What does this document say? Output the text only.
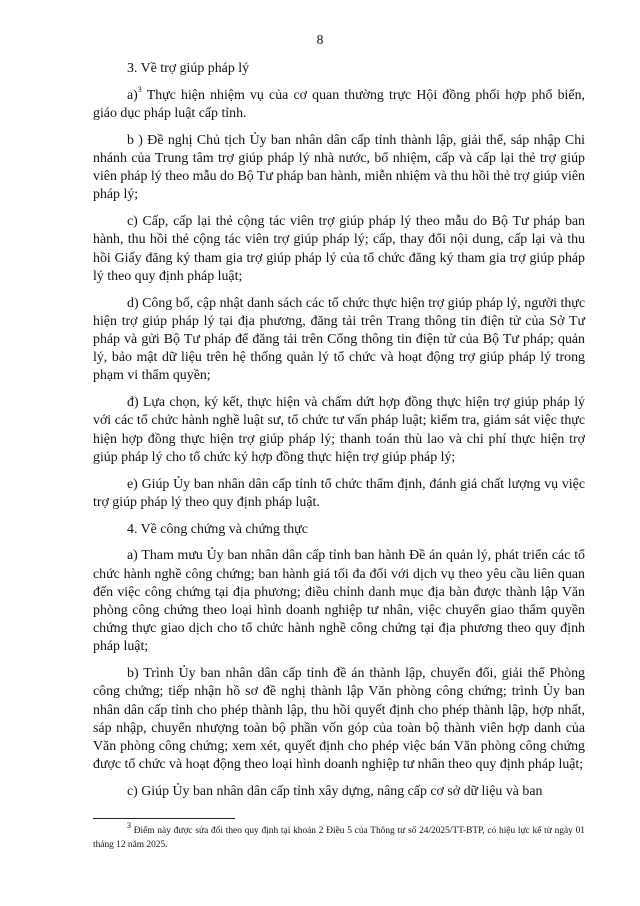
8

3. Về trợ giúp pháp lý

a)$^3$ Thực hiện nhiệm vụ của cơ quan thường trực Hội đồng phối hợp phổ biến, giáo dục pháp luật cấp tỉnh.

b ) Đề nghị Chủ tịch Ủy ban nhân dân cấp tỉnh thành lập, giải thể, sáp nhập Chi nhánh của Trung tâm trợ giúp pháp lý nhà nước, bổ nhiệm, cấp và cấp lại thẻ trợ giúp viên pháp lý theo mẫu do Bộ Tư pháp ban hành, miễn nhiệm và thu hồi thẻ trợ giúp viên pháp lý;

c) Cấp, cấp lại thẻ cộng tác viên trợ giúp pháp lý theo mẫu do Bộ Tư pháp ban hành, thu hồi thẻ cộng tác viên trợ giúp pháp lý; cấp, thay đổi nội dung, cấp lại và thu hồi Giấy đăng ký tham gia trợ giúp pháp lý của tổ chức đăng ký tham gia trợ giúp pháp lý theo quy định pháp luật;

d) Công bố, cập nhật danh sách các tổ chức thực hiện trợ giúp pháp lý, người thực hiện trợ giúp pháp lý tại địa phương, đăng tải trên Trang thông tin điện tử của Sở Tư pháp và gửi Bộ Tư pháp để đăng tải trên Cổng thông tin điện tử của Bộ Tư pháp; quản lý, bảo mật dữ liệu trên hệ thống quản lý tổ chức và hoạt động trợ giúp pháp lý trong phạm vi thẩm quyền;

đ) Lựa chọn, ký kết, thực hiện và chấm dứt hợp đồng thực hiện trợ giúp pháp lý với các tổ chức hành nghề luật sư, tổ chức tư vấn pháp luật; kiểm tra, giám sát việc thực hiện hợp đồng thực hiện trợ giúp pháp lý; thanh toán thù lao và chi phí thực hiện trợ giúp pháp lý cho tổ chức ký hợp đồng thực hiện trợ giúp pháp lý;

e) Giúp Ủy ban nhân dân cấp tỉnh tổ chức thẩm định, đánh giá chất lượng vụ việc trợ giúp pháp lý theo quy định pháp luật.

4. Về công chứng và chứng thực

a) Tham mưu Ủy ban nhân dân cấp tỉnh ban hành Đề án quản lý, phát triển các tổ chức hành nghề công chứng; ban hành giá tối đa đối với dịch vụ theo yêu cầu liên quan đến việc công chứng tại địa phương; điều chỉnh danh mục địa bàn được thành lập Văn phòng công chứng theo loại hình doanh nghiệp tư nhân, việc chuyển giao thẩm quyền chứng thực giao dịch cho tổ chức hành nghề công chứng tại địa phương theo quy định pháp luật;

b) Trình Ủy ban nhân dân cấp tỉnh đề án thành lập, chuyển đổi, giải thể Phòng công chứng; tiếp nhận hồ sơ đề nghị thành lập Văn phòng công chứng; trình Ủy ban nhân dân cấp tỉnh cho phép thành lập, thu hồi quyết định cho phép thành lập, hợp nhất, sáp nhập, chuyển nhượng toàn bộ phần vốn góp của toàn bộ thành viên hợp danh của Văn phòng công chứng; xem xét, quyết định cho phép việc bán Văn phòng công chứng được tổ chức và hoạt động theo loại hình doanh nghiệp tư nhân theo quy định pháp luật;

c) Giúp Ủy ban nhân dân cấp tỉnh xây dựng, nâng cấp cơ sở dữ liệu và ban

$^3$ Điểm này được sửa đổi theo quy định tại khoản 2 Điều 5 của Thông tư số 24/2025/TT-BTP, có hiệu lực kể từ ngày 01 tháng 12 năm 2025.
